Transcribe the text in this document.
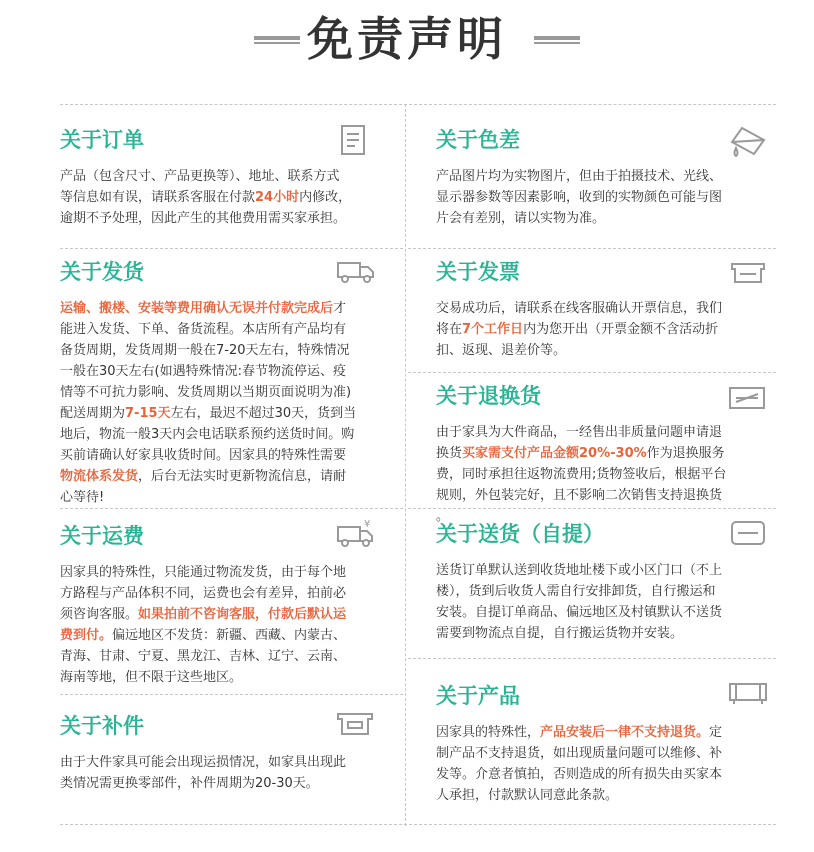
免责声明
关于订单
产品（包含尺寸、产品更换等）、地址、联系方式
等信息如有误，请联系客服在付款24小时内修改，
逾期不予处理，因此产生的其他费用需买家承担。
关于色差
产品图片均为实物图片，但由于拍摄技术、光线、
显示器参数等因素影响，收到的实物颜色可能与图
片会有差别，请以实物为准。
关于发货
运输、搬楼、安装等费用确认无误并付款完成后才
能进入发货、下单、备货流程。本店所有产品均有
备货周期，发货周期一般在7-20天左右，特殊情况
一般在30天左右(如遇特殊情况:春节物流停运、疫
情等不可抗力影响、发货周期以当期页面说明为准)
配送周期为7-15天左右，最迟不超过30天，货到当
地后，物流一般3天内会电话联系预约送货时间。购
买前请确认好家具收货时间。因家具的特殊性需要
物流体系发货，后台无法实时更新物流信息，请耐
心等待!
关于发票
交易成功后，请联系在线客服确认开票信息，我们
将在7个工作日内为您开出（开票金额不含活动折
扣、返现、退差价等。
关于退换货
由于家具为大件商品，一经售出非质量问题申请退
换货买家需支付产品金额20%-30%作为退换服务
费，同时承担往返物流费用;货物签收后，根据平台
规则，外包装完好，且不影响二次销售支持退换货
。
关于运费
因家具的特殊性，只能通过物流发货，由于每个地
方路程与产品体积不同，运费也会有差异，拍前必
须咨询客服。如果拍前不咨询客服，付款后默认运
费到付。偏远地区不发货：新疆、西藏、内蒙古、
青海、甘肃、宁夏、黑龙江、吉林、辽宁、云南、
海南等地，但不限于这些地区。
¥	关于送货（自提）
送货订单默认送到收货地址楼下或小区门口（不上
楼），货到后收货人需自行安排卸货，自行搬运和
安装。自提订单商品、偏远地区及村镇默认不送货
需要到物流点自提，自行搬运货物并安装。
关于补件
由于大件家具可能会出现运损情况，如家具出现此
类情况需更换零部件，补件周期为20-30天。
关于产品
因家具的特殊性，产品安装后一律不支持退货。定
制产品不支持退货，如出现质量问题可以维修、补
发等。介意者慎拍，否则造成的所有损失由买家本
人承担，付款默认同意此条款。
